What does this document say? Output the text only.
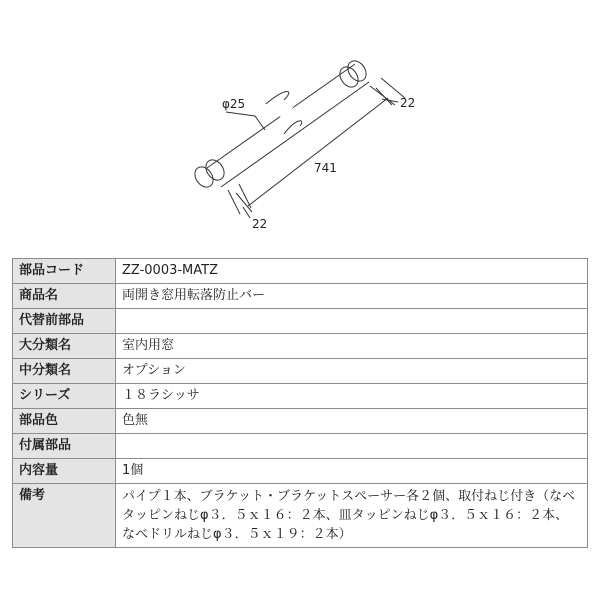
φ25
741
22
22
部品コード	ZZ-0003-MATZ
商品名	両開き窓用転落防止バー
代替前部品	
大分類名	室内用窓
中分類名	オプション
シリーズ	１８ラシッサ
部品色	色無
付属部品	
内容量	1個
備考	パイプ１本、ブラケット・ブラケットスペーサー各２個、取付ねじ付き（なベタッピンねじφ３．５ｘ１６：２本、皿タッピンねじφ３．５ｘ１６：２本、なベドリルねじφ３．５ｘ１９：２本）
